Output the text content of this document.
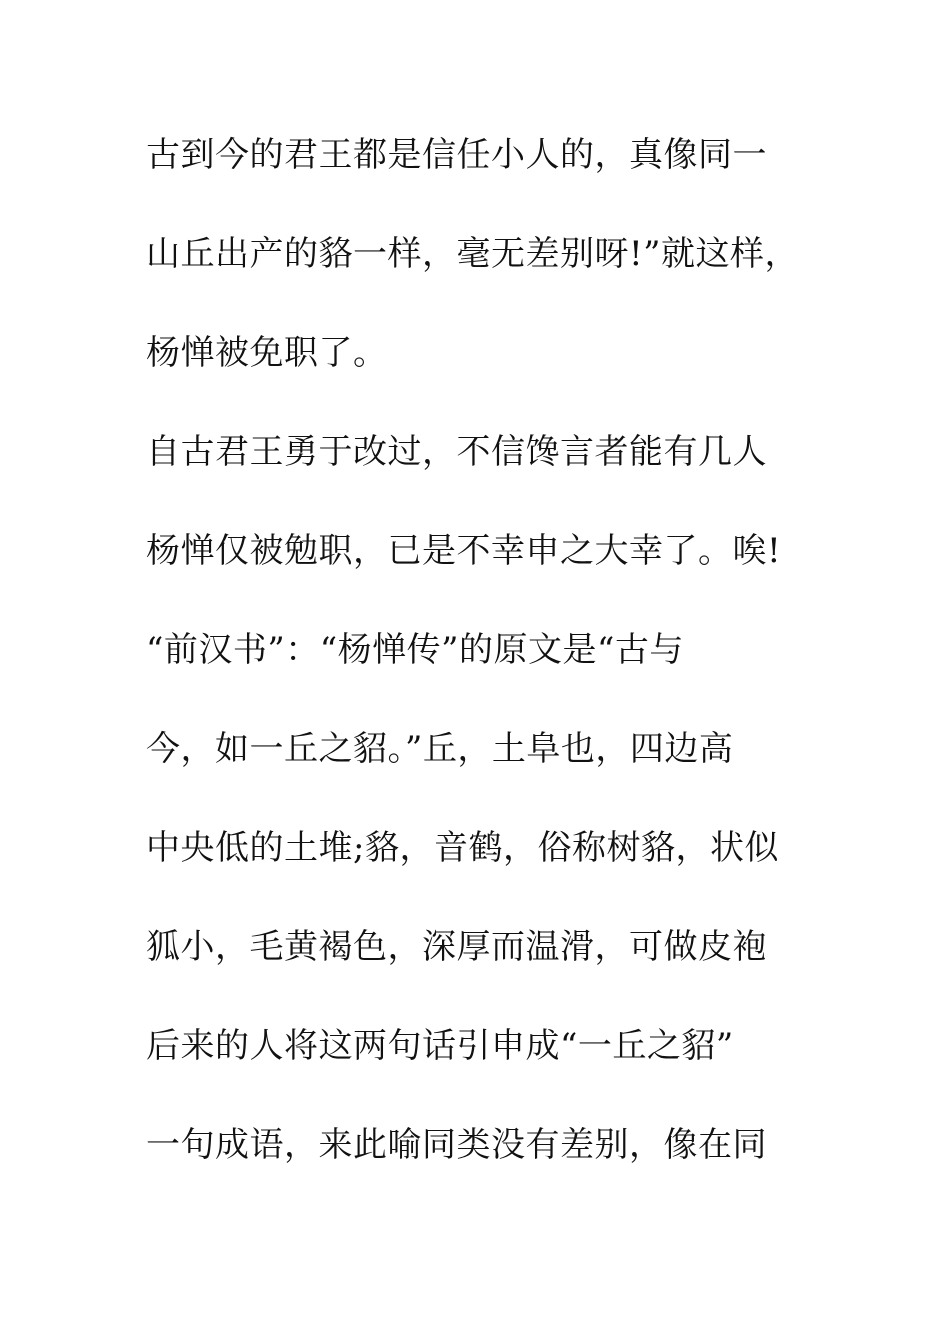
古到今的君王都是信任小人的，真像同一
山丘出产的貉一样，毫无差别呀!”就这样，
杨惮被免职了。
自古君王勇于改过，不信馋言者能有几人
杨惮仅被勉职，已是不幸申之大幸了。唉!
“前汉书”：“杨惮传”的原文是“古与
今，如一丘之貂。”丘，土阜也，四边高
中央低的土堆;貉，音鹤，俗称树貉，状似
狐小，毛黄褐色，深厚而温滑，可做皮袍
后来的人将这两句话引申成“一丘之貂”
一句成语，来此喻同类没有差别，像在同
